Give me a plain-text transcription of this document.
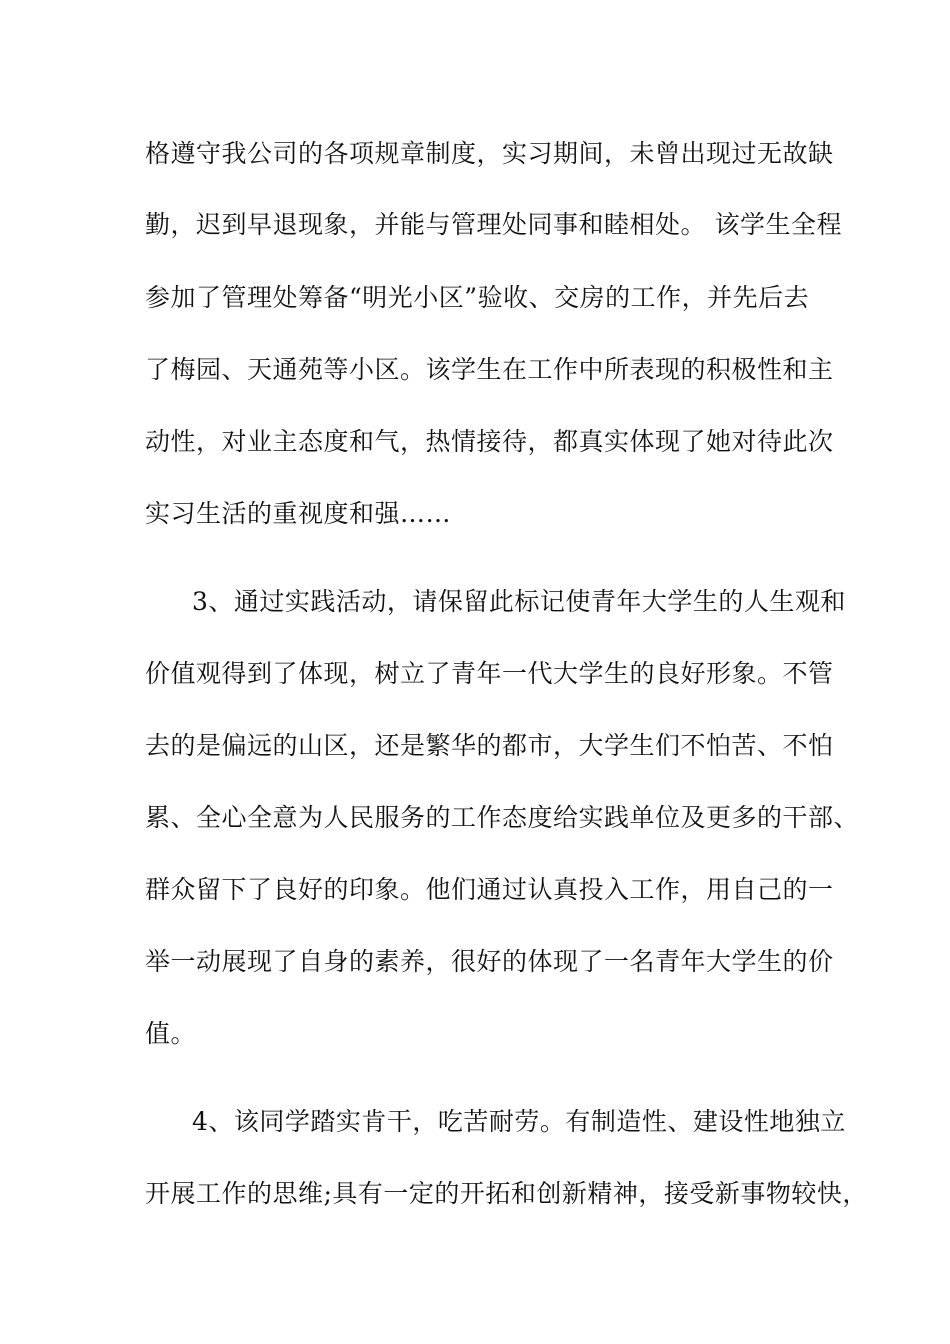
格遵守我公司的各项规章制度，实习期间，未曾出现过无故缺
勤，迟到早退现象，并能与管理处同事和睦相处。 该学生全程
参加了管理处筹备“明光小区”验收、交房的工作，并先后去
了梅园、天通苑等小区。该学生在工作中所表现的积极性和主
动性，对业主态度和气，热情接待，都真实体现了她对待此次
实习生活的重视度和强……
3、通过实践活动，请保留此标记使青年大学生的人生观和
价值观得到了体现，树立了青年一代大学生的良好形象。不管
去的是偏远的山区，还是繁华的都市，大学生们不怕苦、不怕
累、全心全意为人民服务的工作态度给实践单位及更多的干部、
群众留下了良好的印象。他们通过认真投入工作，用自己的一
举一动展现了自身的素养，很好的体现了一名青年大学生的价
值。
4、该同学踏实肯干，吃苦耐劳。有制造性、建设性地独立
开展工作的思维;具有一定的开拓和创新精神，接受新事物较快，
